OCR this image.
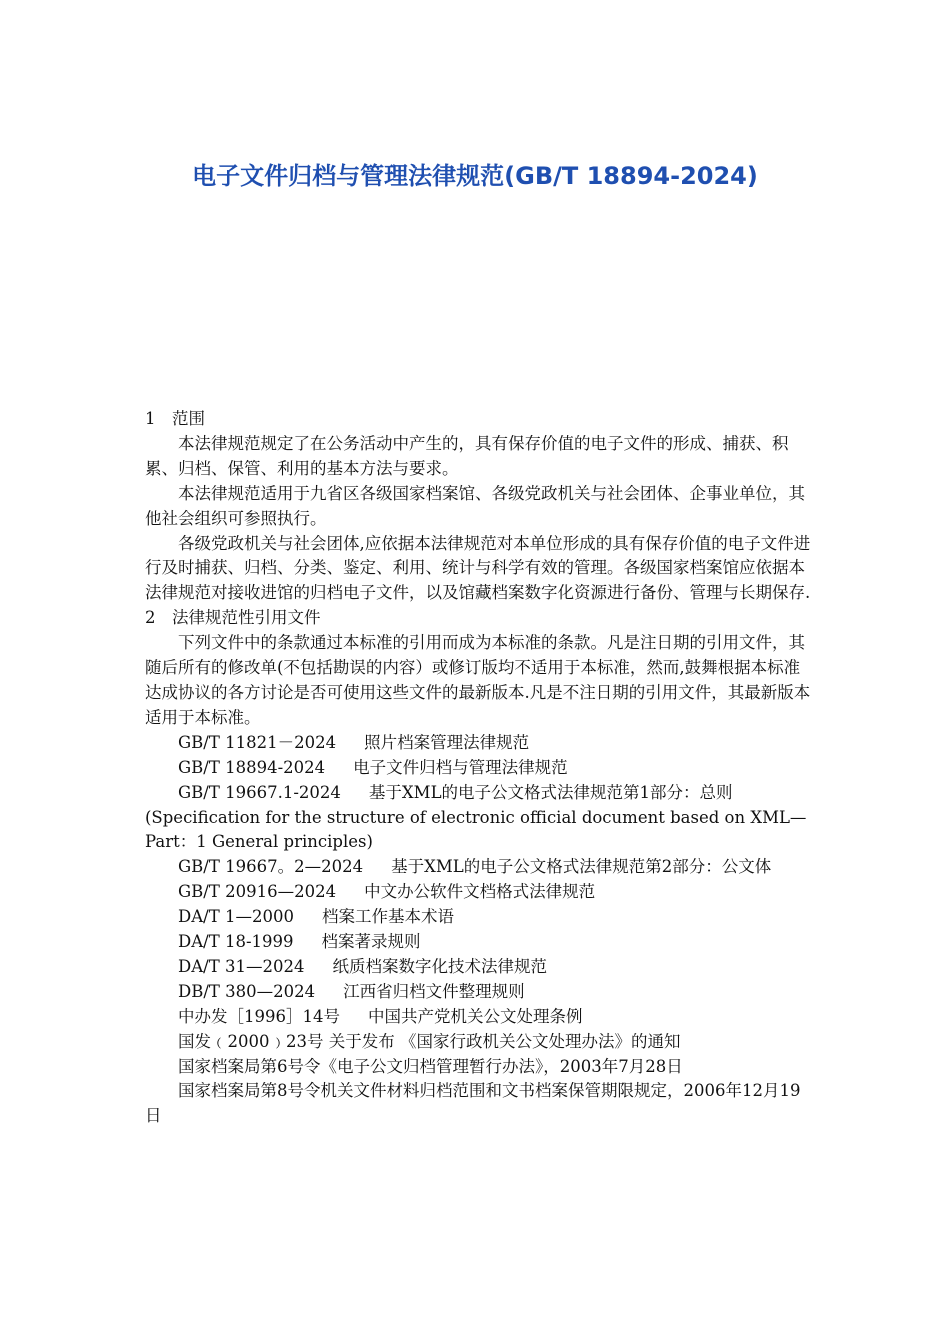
电子文件归档与管理法律规范(GB/T 18894-2024)

1　范围

本法律规范规定了在公务活动中产生的，具有保存价值的电子文件的形成、捕获、积累、归档、保管、利用的基本方法与要求。

本法律规范适用于九省区各级国家档案馆、各级党政机关与社会团体、企事业单位，其他社会组织可参照执行。

各级党政机关与社会团体,应依据本法律规范对本单位形成的具有保存价值的电子文件进行及时捕获、归档、分类、鉴定、利用、统计与科学有效的管理。各级国家档案馆应依据本法律规范对接收进馆的归档电子文件，以及馆藏档案数字化资源进行备份、管理与长期保存.

2　法律规范性引用文件

下列文件中的条款通过本标准的引用而成为本标准的条款。凡是注日期的引用文件，其随后所有的修改单(不包括勘误的内容）或修订版均不适用于本标准，然而,鼓舞根据本标准达成协议的各方讨论是否可使用这些文件的最新版本.凡是不注日期的引用文件，其最新版本适用于本标准。

GB/T 11821－2024 照片档案管理法律规范

GB/T 18894-2024 电子文件归档与管理法律规范

GB/T 19667.1-2024 基于XML的电子公文格式法律规范第1部分：总则(Specification for the structure of electronic official document based on XML—Part：1 General principles)

GB/T 19667。2—2024 基于XML的电子公文格式法律规范第2部分：公文体

GB/T 20916—2024 中文办公软件文档格式法律规范

DA/T 1—2000 档案工作基本术语

DA/T 18-1999 档案著录规则

DA/T 31—2024 纸质档案数字化技术法律规范

DB/T 380—2024 江西省归档文件整理规则

中办发［1996］14号 中国共产党机关公文处理条例

国发﹙2000﹚23号 关于发布 《国家行政机关公文处理办法》的通知

国家档案局第6号令《电子公文归档管理暂行办法》，2003年7月28日

国家档案局第8号令机关文件材料归档范围和文书档案保管期限规定，2006年12月19日
